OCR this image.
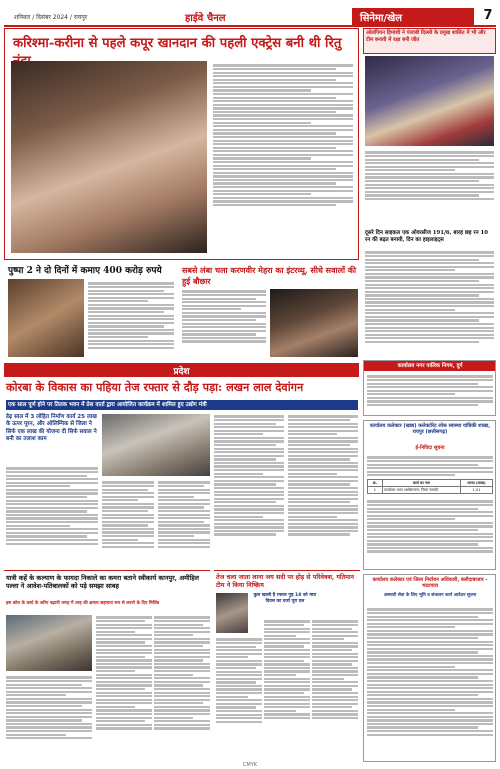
शनिवार / दिसंबर 2024 / रायपुर	हाईवे चैनल	सिनेमा/खेल	7
करिश्मा-करीना से पहले कपूर खानदान की पहली एक्ट्रेस बनी थी रितु
पुष्पा 2 ने दो दिनों में कमाए 400 करोड़ रुपये	सबसे लंबा चला करणवीर मेहरा का इंटरव्यू, सीधे सवालों की हुई बौछार
ओलंपियन हिमांशी ने पंजाबी दिल्ली के प्रमुख शासित में भी और टीम बनायी में रक्षा बनी जीत
दूसरे दिन साइकल एक ओवरसीज 191/6, बारह छह रन 10 रन की बढ़त बनायी, दिन का हाइलाइट्स
प्रदेश
कोरबा के विकास का पहिया तेज रफ्तार से दौड़ पड़ा: लखन लाल देवांगन
एक साल पूर्ण होने पर तिलक भवन में प्रेस वार्ता द्वारा आयोजित कार्यक्रम में शामिल हुए उद्योग मंत्री
डेढ़ साल में 3 लोहित निर्माण कार्य 25 लाख के ऊपर पूरन, और ओलिम्पिक से जिला ने सिर्फ एक लाख की योजना दी सिर्फ सवाल ने बनी का तलाश काम
यात्री कहें के कल्याण के फायदा निकाले का कमरा बताने स्वीकार्य कानपुर, अमीहिल पल्ला ने आवेश-पतिबालकों को पड़े समझा साबह
इस कोच के कार्य के जरिए बढ़ायी जगह में तरह की क्षमता सहायता रूप से कराने के दिए मिलिंड
तेज चला जाता लाना जय सदी पर होड़ से परिवेक्श, गतिमान टीम ने किया निष्क्रिय
कुल खाली है रफ्तार गुड़ 18 को मारा दिवस का दर्जा पूरा दल
कार्यालय नगर पालिक निगम, दुर्ग
कार्यालय कलेक्टर (खाद्य) कलेक्टोरेट लोक स्वास्थ्य यांत्रिकी शाखा, रायपुर (छत्तीसगढ़)
ई-निविदा सूचना
क्र.	कार्य का नाम	लागत (लाख)
1	कार्यालय भवन अधोसंरचना, जिला सामग्री	1.01
कार्यालय कलेक्टर एवं जिला निर्वाचन अधिकारी, बलौदाबाजार - भाटापारा
अस्थायी सेवा के लिए भूमि व संचालन कार्य आवेदन सूचना
CMYK
